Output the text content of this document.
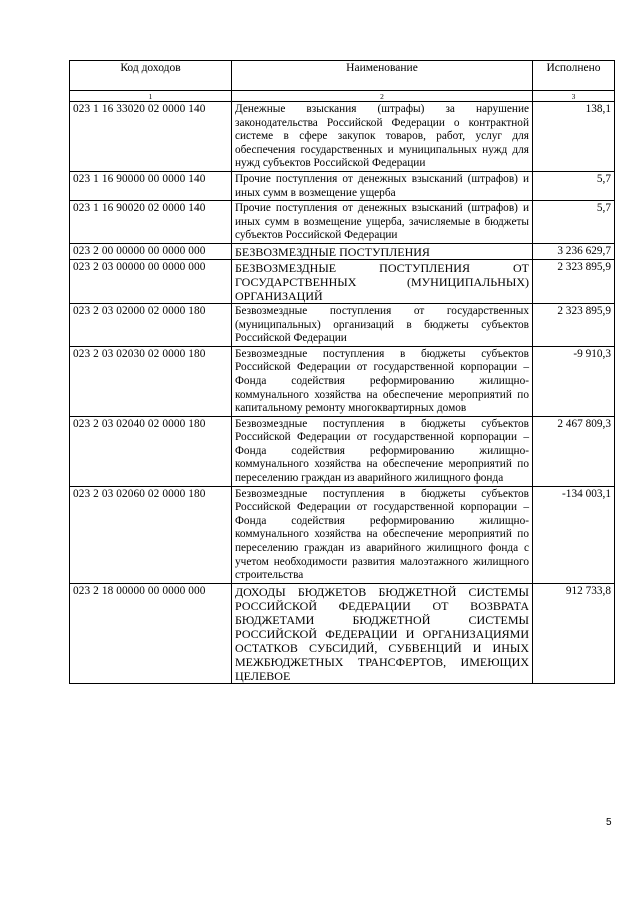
Код доходов	Наименование	Исполнено
1	2	3
023 1 16 33020 02 0000 140	Денежные взыскания (штрафы) за нарушение законодательства Российской Федерации о контрактной системе в сфере закупок товаров, работ, услуг для обеспечения государственных и муниципальных нужд для нужд субъектов Российской Федерации	138,1
023 1 16 90000 00 0000 140	Прочие поступления от денежных взысканий (штрафов) и иных сумм в возмещение ущерба	5,7
023 1 16 90020 02 0000 140	Прочие поступления от денежных взысканий (штрафов) и иных сумм в возмещение ущерба, зачисляемые в бюджеты субъектов Российской Федерации	5,7
023 2 00 00000 00 0000 000	БЕЗВОЗМЕЗДНЫЕ ПОСТУПЛЕНИЯ	3 236 629,7
023 2 03 00000 00 0000 000	БЕЗВОЗМЕЗДНЫЕ ПОСТУПЛЕНИЯ ОТ ГОСУДАРСТВЕННЫХ (МУНИЦИПАЛЬНЫХ) ОРГАНИЗАЦИЙ	2 323 895,9
023 2 03 02000 02 0000 180	Безвозмездные поступления от государственных (муниципальных) организаций в бюджеты субъектов Российской Федерации	2 323 895,9
023 2 03 02030 02 0000 180	Безвозмездные поступления в бюджеты субъектов Российской Федерации от государственной корпорации – Фонда содействия реформированию жилищно-коммунального хозяйства на обеспечение мероприятий по капитальному ремонту многоквартирных домов	-9 910,3
023 2 03 02040 02 0000 180	Безвозмездные поступления в бюджеты субъектов Российской Федерации от государственной корпорации – Фонда содействия реформированию жилищно-коммунального хозяйства на обеспечение мероприятий по переселению граждан из аварийного жилищного фонда	2 467 809,3
023 2 03 02060 02 0000 180	Безвозмездные поступления в бюджеты субъектов Российской Федерации от государственной корпорации – Фонда содействия реформированию жилищно-коммунального хозяйства на обеспечение мероприятий по переселению граждан из аварийного жилищного фонда с учетом необходимости развития малоэтажного жилищного строительства	-134 003,1
023 2 18 00000 00 0000 000	ДОХОДЫ БЮДЖЕТОВ БЮДЖЕТНОЙ СИСТЕМЫ РОССИЙСКОЙ ФЕДЕРАЦИИ ОТ ВОЗВРАТА БЮДЖЕТАМИ БЮДЖЕТНОЙ СИСТЕМЫ РОССИЙСКОЙ ФЕДЕРАЦИИ И ОРГАНИЗАЦИЯМИ ОСТАТКОВ СУБСИДИЙ, СУБВЕНЦИЙ И ИНЫХ МЕЖБЮДЖЕТНЫХ ТРАНСФЕРТОВ, ИМЕЮЩИХ ЦЕЛЕВОЕ	912 733,8
5
